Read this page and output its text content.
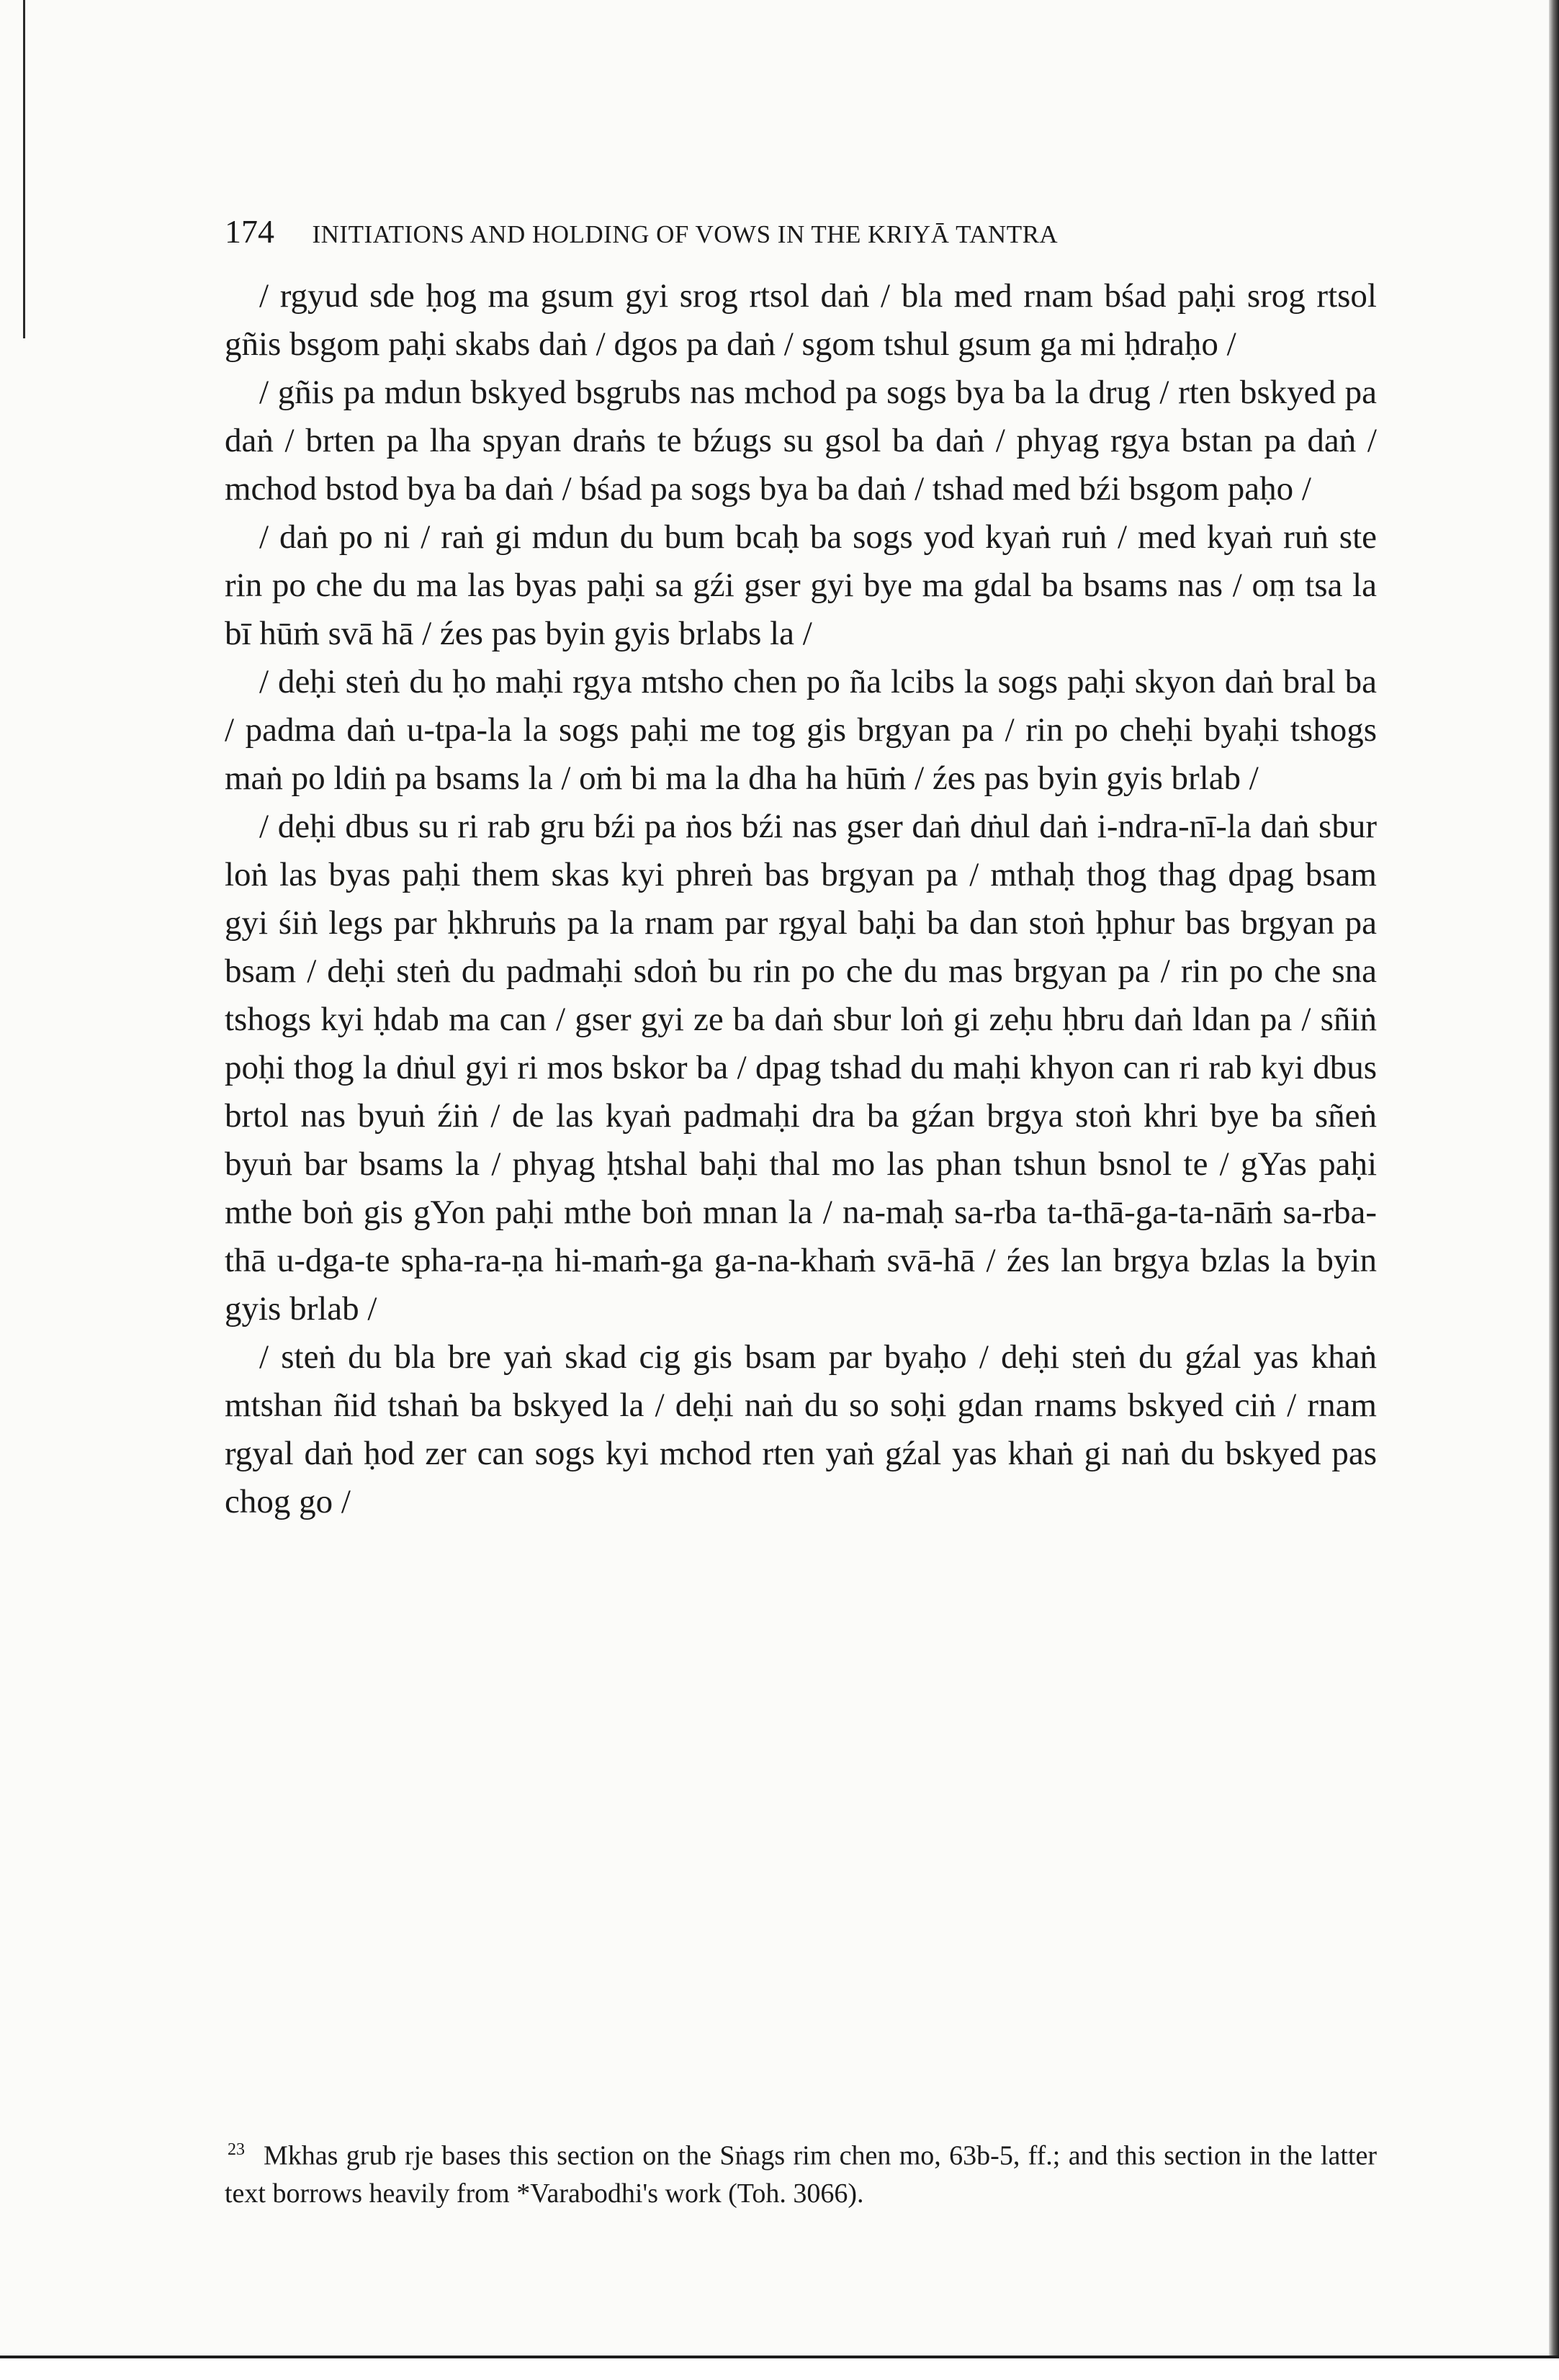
174 INITIATIONS AND HOLDING OF VOWS IN THE KRIYĀ TANTRA

/ rgyud sde ḥog ma gsum gyi srog rtsol daṅ / bla med rnam bśad paḥi srog rtsol gñis bsgom paḥi skabs daṅ / dgos pa daṅ / sgom tshul gsum ga mi ḥdraḥo /

/ gñis pa mdun bskyed bsgrubs nas mchod pa sogs bya ba la drug / rten bskyed pa daṅ / brten pa lha spyan draṅs te bźugs su gsol ba daṅ / phyag rgya bstan pa daṅ / mchod bstod bya ba daṅ / bśad pa sogs bya ba daṅ / tshad med bźi bsgom paḥo /

/ daṅ po ni / raṅ gi mdun du bum bcaḥ ba sogs yod kyaṅ ruṅ / med kyaṅ ruṅ ste rin po che du ma las byas paḥi sa gźi gser gyi bye ma gdal ba bsams nas / oṃ tsa la bī hūṁ svā hā / źes pas byin gyis brlabs la /

/ deḥi steṅ du ḥo maḥi rgya mtsho chen po ña lcibs la sogs paḥi skyon daṅ bral ba / padma daṅ u-tpa-la la sogs paḥi me tog gis brgyan pa / rin po cheḥi byaḥi tshogs maṅ po ldiṅ pa bsams la / oṁ bi ma la dha ha hūṁ / źes pas byin gyis brlab /

/ deḥi dbus su ri rab gru bźi pa ṅos bźi nas gser daṅ dṅul daṅ i-ndra-nī-la daṅ sbur loṅ las byas paḥi them skas kyi phreṅ bas brgyan pa / mthaḥ thog thag dpag bsam gyi śiṅ legs par ḥkhruṅs pa la rnam par rgyal baḥi ba dan stoṅ ḥphur bas brgyan pa bsam / deḥi steṅ du padmaḥi sdoṅ bu rin po che du mas brgyan pa / rin po che sna tshogs kyi ḥdab ma can / gser gyi ze ba daṅ sbur loṅ gi zeḥu ḥbru daṅ ldan pa / sñiṅ poḥi thog la dṅul gyi ri mos bskor ba / dpag tshad du maḥi khyon can ri rab kyi dbus brtol nas byuṅ źiṅ / de las kyaṅ padmaḥi dra ba gźan brgya stoṅ khri bye ba sñeṅ byuṅ bar bsams la / phyag ḥtshal baḥi thal mo las phan tshun bsnol te / gYas paḥi mthe boṅ gis gYon paḥi mthe boṅ mnan la / na-maḥ sa-rba ta-thā-ga-ta-nāṁ sa-rba-thā u-dga-te spha-ra-ṇa hi-maṁ-ga ga-na-khaṁ svā-hā / źes lan brgya bzlas la byin gyis brlab /

/ steṅ du bla bre yaṅ skad cig gis bsam par byaḥo / deḥi steṅ du gźal yas khaṅ mtshan ñid tshaṅ ba bskyed la / deḥi naṅ du so soḥi gdan rnams bskyed ciṅ / rnam rgyal daṅ ḥod zer can sogs kyi mchod rten yaṅ gźal yas khaṅ gi naṅ du bskyed pas chog go /

$^{23}$ Mkhas grub rje bases this section on the Sṅags rim chen mo, 63b-5, ff.; and this section in the latter text borrows heavily from *Varabodhi's work (Toh. 3066).
